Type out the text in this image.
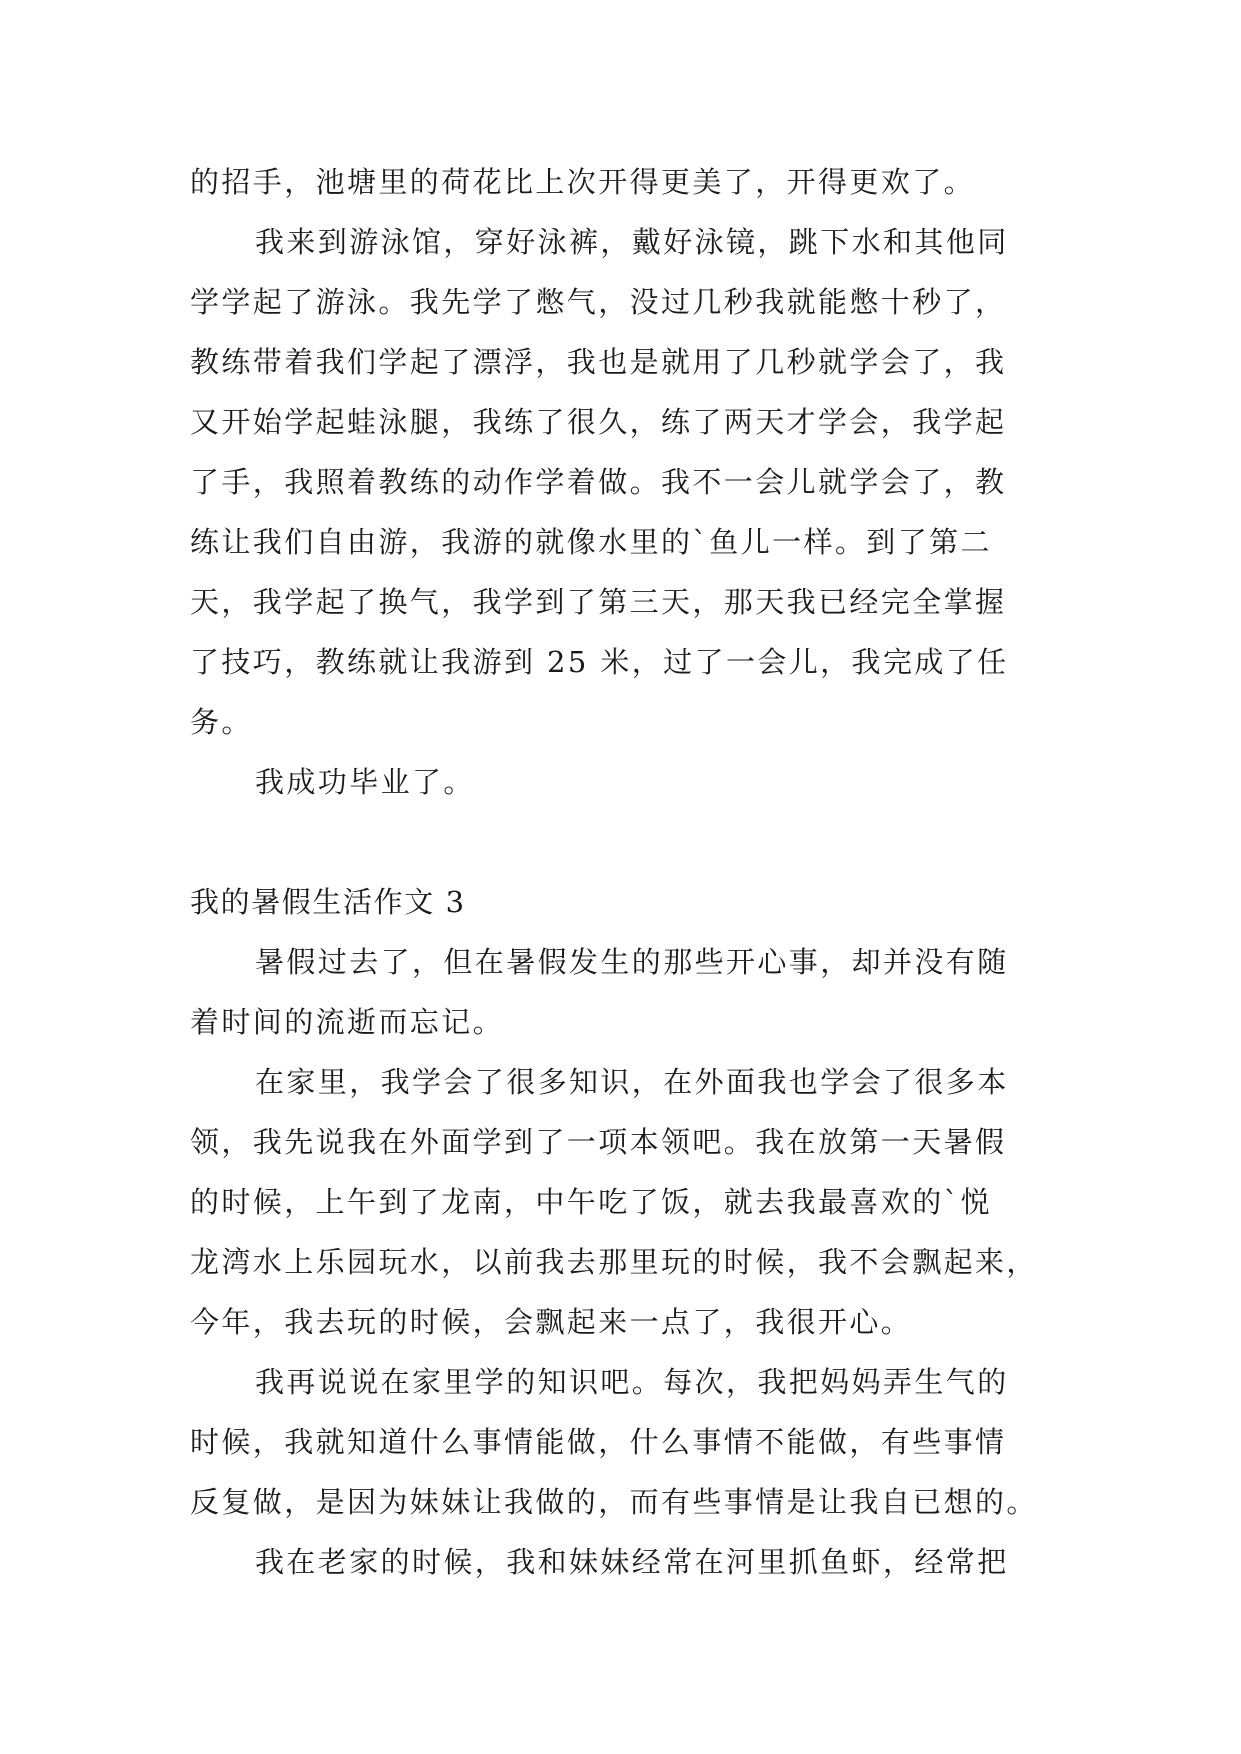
的招手，池塘里的荷花比上次开得更美了，开得更欢了。

我来到游泳馆，穿好泳裤，戴好泳镜，跳下水和其他同

学学起了游泳。我先学了憋气，没过几秒我就能憋十秒了，

教练带着我们学起了漂浮，我也是就用了几秒就学会了，我

又开始学起蛙泳腿，我练了很久，练了两天才学会，我学起

了手，我照着教练的动作学着做。我不一会儿就学会了，教

练让我们自由游，我游的就像水里的`鱼儿一样。到了第二

天，我学起了换气，我学到了第三天，那天我已经完全掌握

了技巧，教练就让我游到 25 米，过了一会儿，我完成了任

务。

我成功毕业了。

我的暑假生活作文 3

暑假过去了，但在暑假发生的那些开心事，却并没有随

着时间的流逝而忘记。

在家里，我学会了很多知识，在外面我也学会了很多本

领，我先说我在外面学到了一项本领吧。我在放第一天暑假

的时候，上午到了龙南，中午吃了饭，就去我最喜欢的`悦

龙湾水上乐园玩水，以前我去那里玩的时候，我不会飘起来，

今年，我去玩的时候，会飘起来一点了，我很开心。

我再说说在家里学的知识吧。每次，我把妈妈弄生气的

时候，我就知道什么事情能做，什么事情不能做，有些事情

反复做，是因为妹妹让我做的，而有些事情是让我自已想的。

我在老家的时候，我和妹妹经常在河里抓鱼虾，经常把
